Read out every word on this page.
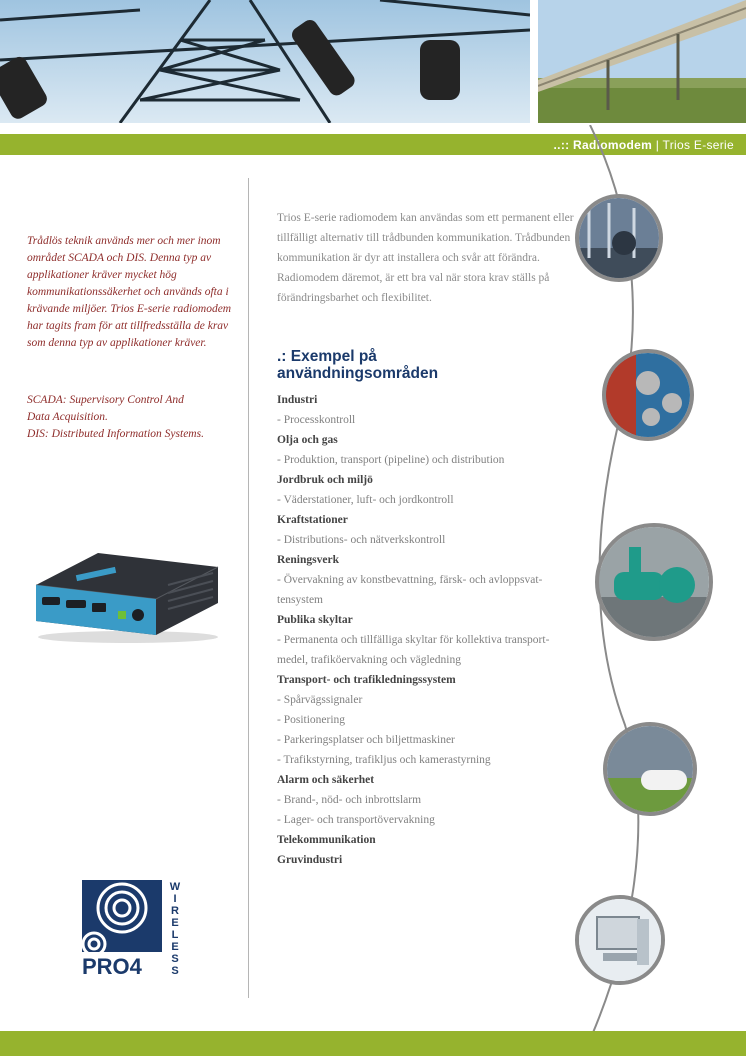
..:: Radiomodem | Trios E-serie

Trådlös teknik används mer och mer inom området SCADA och DIS. Denna typ av applikationer kräver mycket hög kommunikationssäkerhet och används ofta i krävande miljöer. Trios E-serie radiomodem har tagits fram för att tillfredsställa de krav som denna typ av applikationer kräver.

SCADA: Supervisory Control And
Data Acquisition.
DIS: Distributed Information Systems.
PRO4
W
I
R
E
L
E
S
S
Trios E-serie radiomodem kan användas som ett permanent eller tillfälligt alternativ till trådbunden kommunikation. Trådbunden kommunikation är dyr att installera och svår att förändra. Radiomodem däremot, är ett bra val när stora krav ställs på förändringsbarhet och flexibilitet.
.: Exempel på
användningsområden
Industri
- Processkontroll
Olja och gas
- Produktion, transport (pipeline) och distribution
Jordbruk och miljö
- Väderstationer, luft- och jordkontroll
Kraftstationer
- Distributions- och nätverkskontroll
Reningsverk
- Övervakning av konstbevattning, färsk- och avloppsvat-
tensystem
Publika skyltar
- Permanenta och tillfälliga skyltar för kollektiva transport-
medel, trafiköervakning och vägledning
Transport- och trafikledningssystem
- Spårvägssignaler
- Positionering
- Parkeringsplatser och biljettmaskiner
- Trafikstyrning, trafikljus och kamerastyrning
Alarm och säkerhet
- Brand-, nöd- och inbrottslarm
- Lager- och transportövervakning
Telekommunikation
Gruvindustri
